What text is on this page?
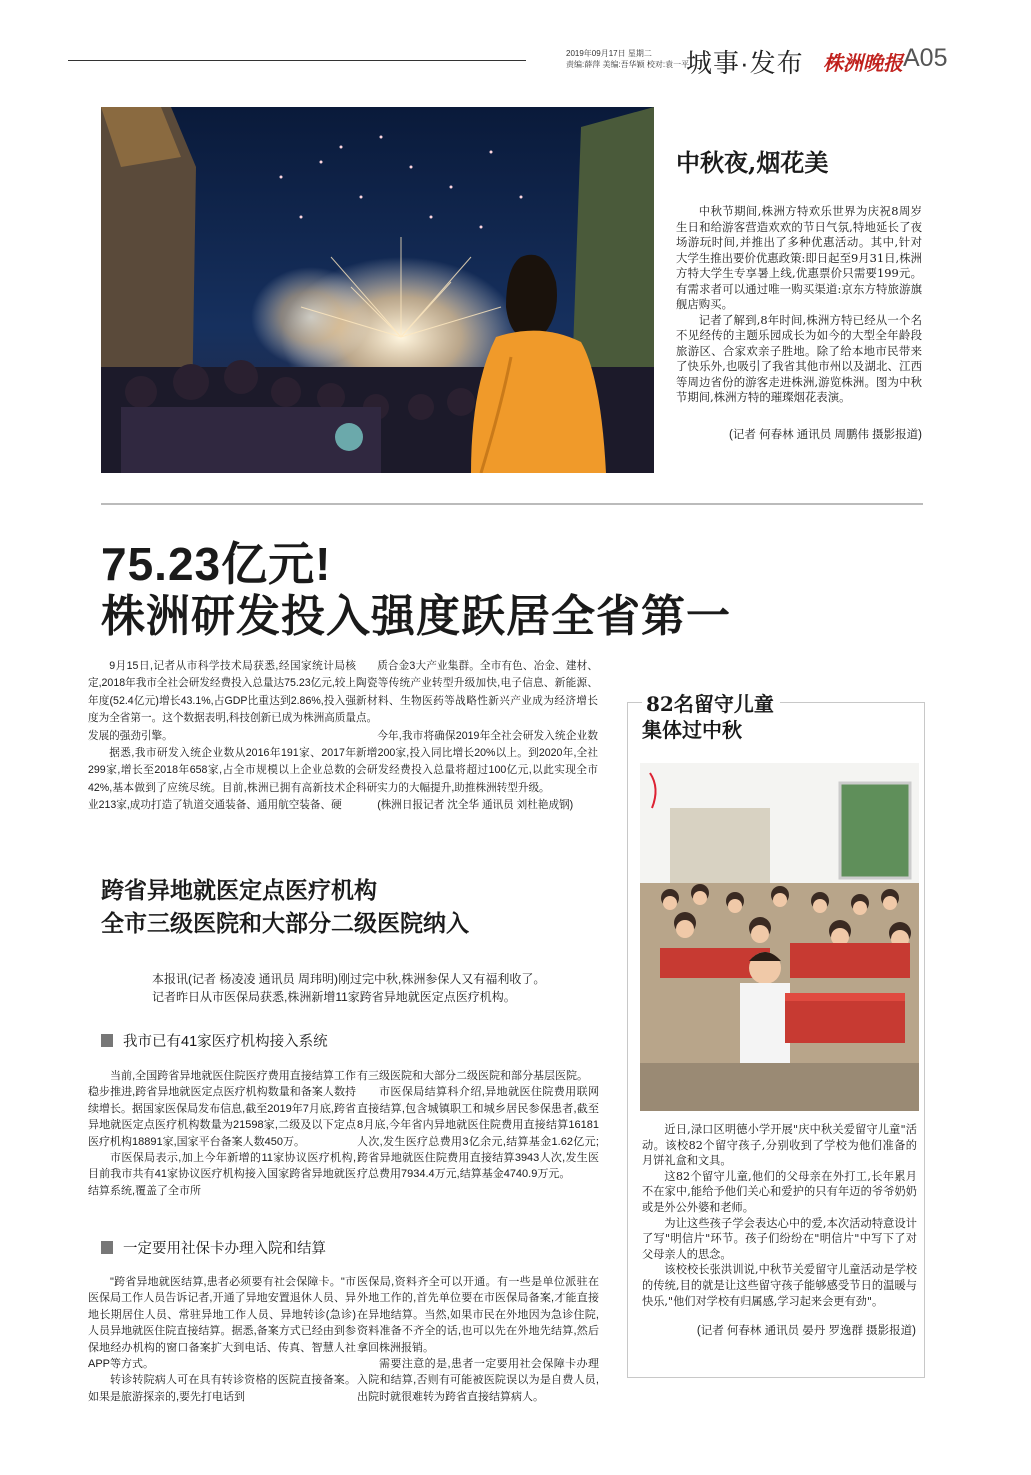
2019年09月17日 星期二
责编:薛萍 美编:吾华颖 校对:袁一平
城事·发布 株洲晚报 A05
中秋夜,烟花美

中秋节期间,株洲方特欢乐世界为庆祝8周岁生日和给游客营造欢欢的节日气氛,特地延长了夜场游玩时间,并推出了多种优惠活动。其中,针对大学生推出要价优惠政策:即日起至9月31日,株洲方特大学生专享暑上线,优惠票价只需要199元。有需求者可以通过唯一购买渠道:京东方特旅游旗舰店购买。

记者了解到,8年时间,株洲方特已经从一个名不见经传的主题乐园成长为如今的大型全年龄段旅游区、合家欢亲子胜地。除了给本地市民带来了快乐外,也吸引了我省其他市州以及湖北、江西等周边省份的游客走进株洲,游览株洲。图为中秋节期间,株洲方特的璀璨烟花表演。

(记者 何春林 通讯员 周鹏伟 摄影报道)
75.23亿元!
株洲研发投入强度跃居全省第一

9月15日,记者从市科学技术局获悉,经国家统计局核定,2018年我市全社会研发经费投入总量达75.23亿元,较上年度(52.4亿元)增长43.1%,占GDP比重达到2.86%,投入强度为全省第一。这个数据表明,科技创新已成为株洲高质量发展的强劲引擎。

据悉,我市研发入统企业数从2016年191家、2017年299家,增长至2018年658家,占全市规模以上企业总数的42%,基本做到了应统尽统。目前,株洲已拥有高新技术企业213家,成功打造了轨道交通装备、通用航空装备、硬

质合金3大产业集群。全市有色、冶金、建材、陶瓷等传统产业转型升级加快,电子信息、新能源、新材料、生物医药等战略性新兴产业成为经济增长点。

今年,我市将确保2019年全社会研发入统企业数新增200家,投入同比增长20%以上。到2020年,全社会研发经费投入总量将超过100亿元,以此实现全市科研实力的大幅提升,助推株洲转型升级。

(株洲日报记者 沈全华 通讯员 刘杜艳成钢)

跨省异地就医定点医疗机构
全市三级医院和大部分二级医院纳入

本报讯(记者 杨凌凌 通讯员 周玮明)刚过完中秋,株洲参保人又有福利收了。

记者昨日从市医保局获悉,株洲新增11家跨省异地就医定点医疗机构。

我市已有41家医疗机构接入系统

当前,全国跨省异地就医住院医疗费用直接结算工作稳步推进,跨省异地就医定点医疗机构数量和备案人数持续增长。据国家医保局发布信息,截至2019年7月底,跨省异地就医定点医疗机构数量为21598家,二级及以下定点医疗机构18891家,国家平台备案人数450万。

市医保局表示,加上今年新增的11家协议医疗机构,目前我市共有41家协议医疗机构接入国家跨省异地就医结算系统,覆盖了全市所

有三级医院和大部分二级医院和部分基层医院。

市医保局结算科介绍,异地就医住院费用联网直接结算,包含城镇职工和城乡居民参保患者,截至8月底,今年省内异地就医住院费用直接结算16181人次,发生医疗总费用3亿余元,结算基金1.62亿元;跨省异地就医住院费用直接结算3943人次,发生医疗总费用7934.4万元,结算基金4740.9万元。

一定要用社保卡办理入院和结算

"跨省异地就医结算,患者必须要有社会保障卡。"市医保局工作人员告诉记者,开通了异地安置退休人员、异地长期居住人员、常驻异地工作人员、异地转诊(急诊)人员异地就医住院直接结算。据悉,备案方式已经由到参保地经办机构的窗口备案扩大到电话、传真、智慧人社APP等方式。

转诊转院病人可在具有转诊资格的医院直接备案。如果是旅游探亲的,要先打电话到

医保局,资料齐全可以开通。有一些是单位派驻在外地工作的,首先单位要在市医保局备案,才能直接在异地结算。当然,如果市民在外地因为急诊住院,资料准备不齐全的话,也可以先在外地先结算,然后拿回株洲报销。

需要注意的是,患者一定要用社会保障卡办理入院和结算,否则有可能被医院误以为是自费人员,出院时就很难转为跨省直接结算病人。

82名留守儿童
集体过中秋

近日,渌口区明德小学开展"庆中秋关爱留守儿童"活动。该校82个留守孩子,分别收到了学校为他们准备的月饼礼盒和文具。

这82个留守儿童,他们的父母亲在外打工,长年累月不在家中,能给予他们关心和爱护的只有年迈的爷爷奶奶或是外公外婆和老师。

为让这些孩子学会表达心中的爱,本次活动特意设计了写"明信片"环节。孩子们纷纷在"明信片"中写下了对父母亲人的思念。

该校校长张洪训说,中秋节关爱留守儿童活动是学校的传统,目的就是让这些留守孩子能够感受节日的温暖与快乐,"他们对学校有归属感,学习起来会更有劲"。

(记者 何春林 通讯员 晏丹 罗逸群 摄影报道)
